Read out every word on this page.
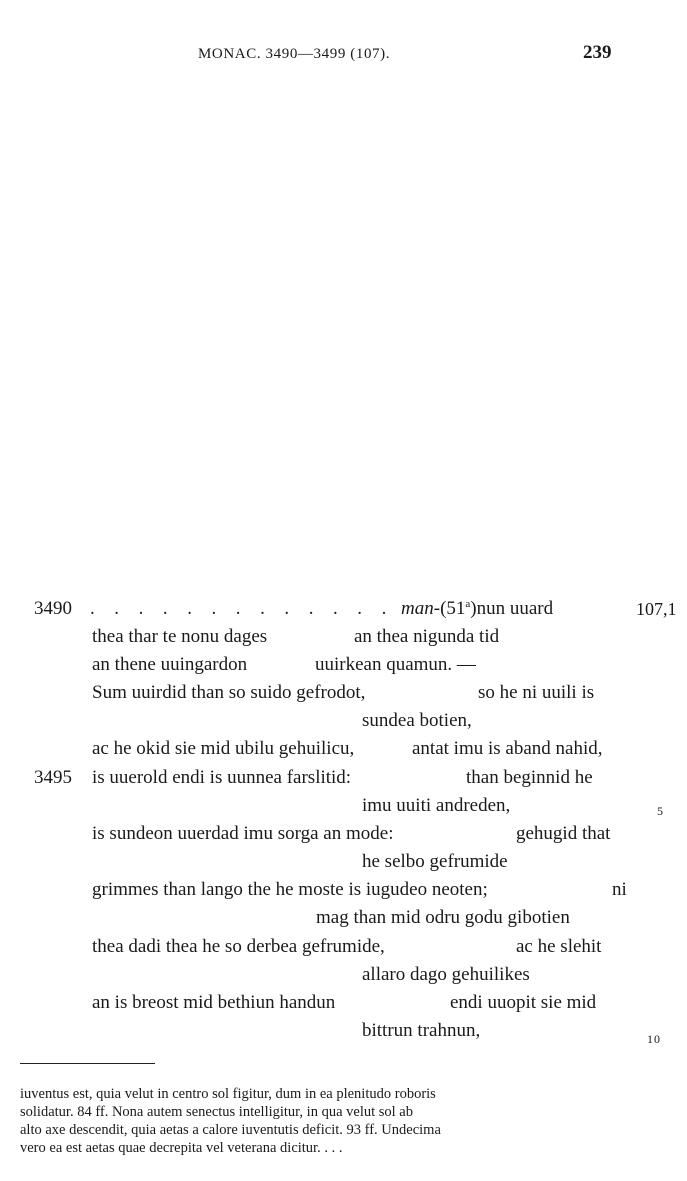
MONAC. 3490—3499 (107).	239
3490 . . . . . . . . . . . . . man-(51$^a$)nun uuard	107,1
thea thar te nonu dages	an thea nigunda tid
an thene uuingardon	uuirkean quamun. —
Sum uuirdid than so suido gefrodot,	so he ni uuili is
sundea botien,
ac he okid sie mid ubilu gehuilicu,	antat imu is aband nahid,
3495 is uuerold endi is uunnea farslitid:	than beginnid he
imu uuiti andreden,	5
is sundeon uuerdad imu sorga an mode:	gehugid that
he selbo gefrumide
grimmes than lango the he moste is iugudeo neoten;	ni
mag than mid odru godu gibotien
thea dadi thea he so derbea gefrumide,	ac he slehit
allaro dago gehuilikes
an is breost mid bethiun handun	endi uuopit sie mid
bittrun trahnun,	10
iuventus est, quia velut in centro sol figitur, dum in ea plenitudo roboris
solidatur. 84 ff. Nona autem senectus intelligitur, in qua velut sol ab
alto axe descendit, quia aetas a calore iuventutis deficit. 93 ff. Undecima
vero ea est aetas quae decrepita vel veterana dicitur. . . .
